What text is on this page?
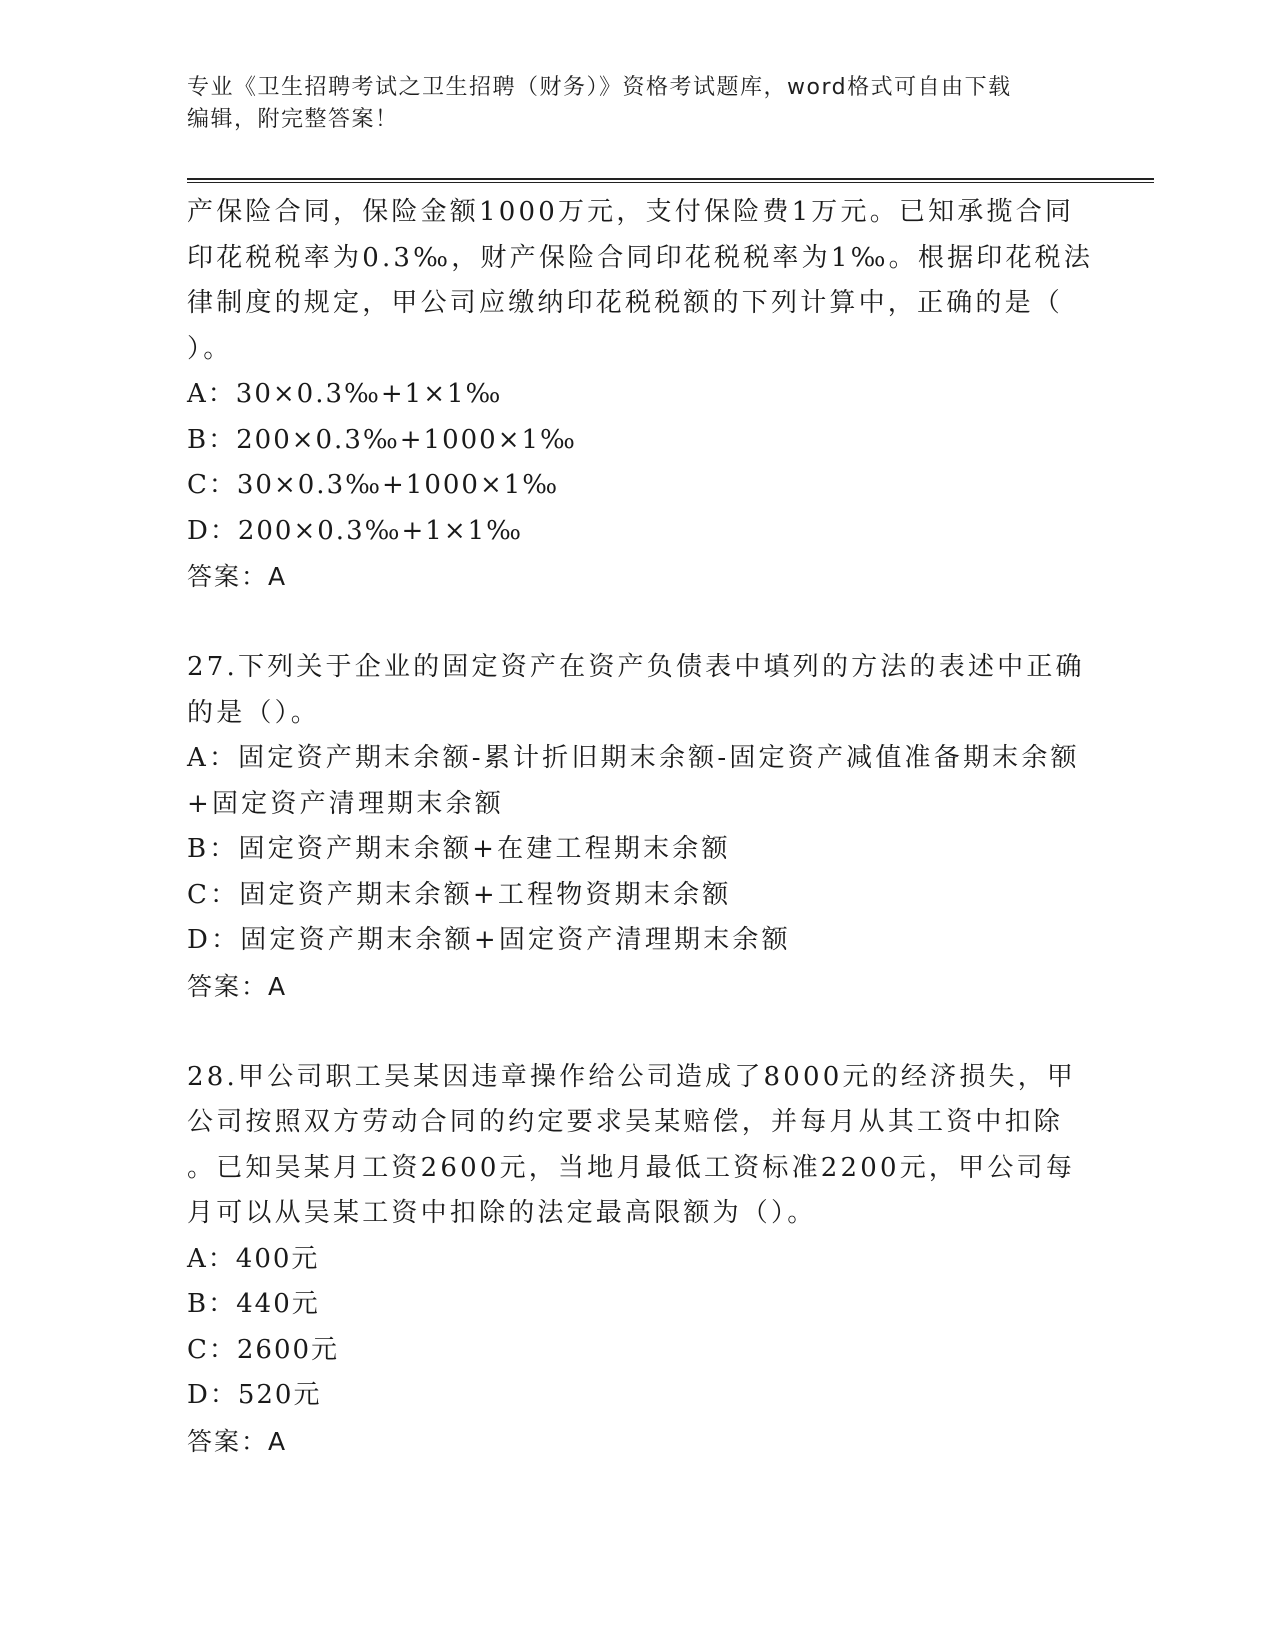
专业《卫生招聘考试之卫生招聘（财务）》资格考试题库，word格式可自由下载
编辑，附完整答案！
产保险合同，保险金额1000万元，支付保险费1万元。已知承揽合同
印花税税率为0.3‰，财产保险合同印花税税率为1‰。根据印花税法
律制度的规定，甲公司应缴纳印花税税额的下列计算中，正确的是（
）。
A：30×0.3‰+1×1‰
B：200×0.3‰+1000×1‰
C：30×0.3‰+1000×1‰
D：200×0.3‰+1×1‰
答案：A
27.下列关于企业的固定资产在资产负债表中填列的方法的表述中正确
的是（）。
A：固定资产期末余额-累计折旧期末余额-固定资产减值准备期末余额
+固定资产清理期末余额
B：固定资产期末余额+在建工程期末余额
C：固定资产期末余额+工程物资期末余额
D：固定资产期末余额+固定资产清理期末余额
答案：A
28.甲公司职工吴某因违章操作给公司造成了8000元的经济损失，甲
公司按照双方劳动合同的约定要求吴某赔偿，并每月从其工资中扣除
。已知吴某月工资2600元，当地月最低工资标准2200元，甲公司每
月可以从吴某工资中扣除的法定最高限额为（）。
A：400元
B：440元
C：2600元
D：520元
答案：A
